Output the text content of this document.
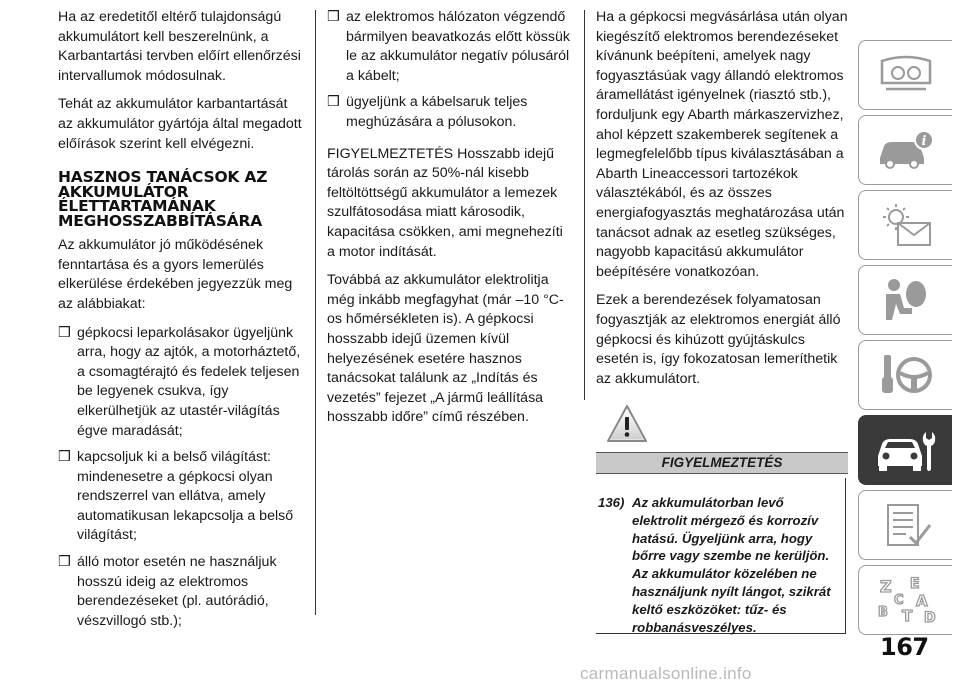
Ha az eredetitől eltérő tulajdonságú akkumulátort kell beszerelnünk, a Karbantartási tervben előírt ellenőrzési intervallumok módosulnak.

Tehát az akkumulátor karbantartását az akkumulátor gyártója által megadott előírások szerint kell elvégezni.

HASZNOS TANÁCSOK AZ AKKUMULÁTOR ÉLETTARTAMÁNAK MEGHOSSZABBÍTÁSÁRA

Az akkumulátor jó működésének fenntartása és a gyors lemerülés elkerülése érdekében jegyezzük meg az alábbiakat:

❒ gépkocsi leparkolásakor ügyeljünk arra, hogy az ajtók, a motorháztető, a csomagtérajtó és fedelek teljesen be legyenek csukva, így elkerülhetjük az utastér-világítás égve maradását;
❒ kapcsoljuk ki a belső világítást: mindenesetre a gépkocsi olyan rendszerrel van ellátva, amely automatikusan lekapcsolja a belső világítást;
❒ álló motor esetén ne használjuk hosszú ideig az elektromos berendezéseket (pl. autórádió, vészvillogó stb.);
❒ az elektromos hálózaton végzendő bármilyen beavatkozás előtt kössük le az akkumulátor negatív pólusáról a kábelt;
❒ ügyeljünk a kábelsaruk teljes meghúzására a pólusokon.

FIGYELMEZTETÉS Hosszabb idejű tárolás során az 50%-nál kisebb feltöltöttségű akkumulátor a lemezek szulfátosodása miatt károsodik, kapacitása csökken, ami megnehezíti a motor indítását.

Továbbá az akkumulátor elektrolitja még inkább megfagyhat (már –10 °C-os hőmérsékleten is). A gépkocsi hosszabb idejű üzemen kívül helyezésének esetére hasznos tanácsokat találunk az „Indítás és vezetés” fejezet „A jármű leállítása hosszabb időre” című részében.

Ha a gépkocsi megvásárlása után olyan kiegészítő elektromos berendezéseket kívánunk beépíteni, amelyek nagy fogyasztásúak vagy állandó elektromos áramellátást igényelnek (riasztó stb.), forduljunk egy Abarth márkaszervizhez, ahol képzett szakemberek segítenek a legmegfelelőbb típus kiválasztásában a Abarth Lineaccessori tartozékok választékából, és az összes energiafogyasztás meghatározása után tanácsot adnak az esetleg szükséges, nagyobb kapacitású akkumulátor beépítésére vonatkozóan.

Ezek a berendezések folyamatosan fogyasztják az elektromos energiát álló gépkocsi és kihúzott gyújtáskulcs esetén is, így fokozatosan lemeríthetik az akkumulátort.

FIGYELMEZTETÉS
136) Az akkumulátorban levő elektrolit mérgező és korrozív hatású. Ügyeljünk arra, hogy bőrre vagy szembe ne kerüljön. Az akkumulátor közelében ne használjunk nyílt lángot, szikrát keltő eszközöket: tűz- és robbanásveszélyes.
i
Z E
A
B
C
T D
167
carmanualsonline.info
